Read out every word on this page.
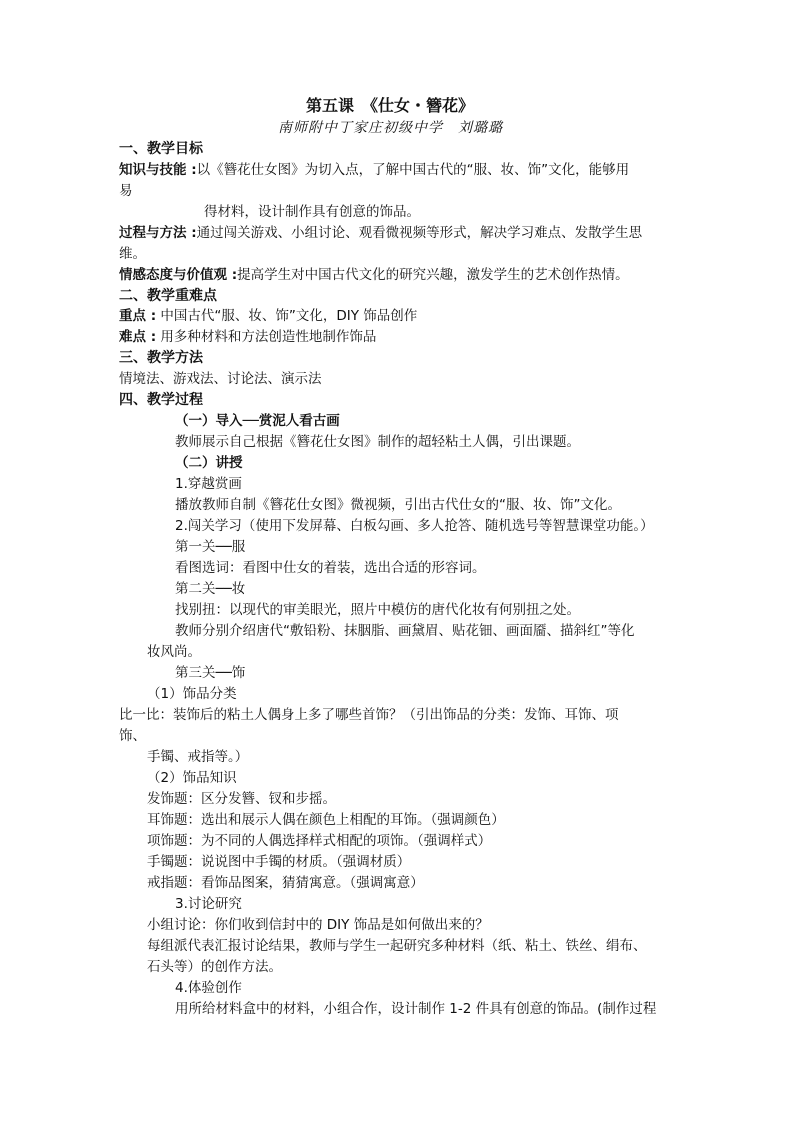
第五课　《仕女・簪花》
南师附中丁家庄初级中学　刘璐璐
一、教学目标
知识与技能 :以《簪花仕女图》为切入点，了解中国古代的“服、妆、饰”文化，能够用
易
得材料，设计制作具有创意的饰品。
过程与方法 :通过闯关游戏、小组讨论、观看微视频等形式，解决学习难点、发散学生思
维。
情感态度与价值观 :提高学生对中国古代文化的研究兴趣，激发学生的艺术创作热情。
二、教学重难点
重点 : 中国古代“服、妆、饰”文化，DIY 饰品创作
难点 : 用多种材料和方法创造性地制作饰品
三、教学方法
情境法、游戏法、讨论法、演示法
四、教学过程
（一）导入──赏泥人看古画
教师展示自己根据《簪花仕女图》制作的超轻粘土人偶，引出课题。
（二）讲授
1.穿越赏画
播放教师自制《簪花仕女图》微视频，引出古代仕女的“服、妆、饰”文化。
2.闯关学习（使用下发屏幕、白板勾画、多人抢答、随机选号等智慧课堂功能。）
第一关──服
看图选词：看图中仕女的着装，选出合适的形容词。
第二关──妆
找别扭：以现代的审美眼光，照片中模仿的唐代化妆有何别扭之处。
教师分别介绍唐代“敷铅粉、抹胭脂、画黛眉、贴花钿、画面靥、描斜红”等化
妆风尚。
第三关──饰
（1）饰品分类
比一比：装饰后的粘土人偶身上多了哪些首饰？（引出饰品的分类：发饰、耳饰、项
饰、
手镯、戒指等。）
（2）饰品知识
发饰题：区分发簪、钗和步摇。
耳饰题：选出和展示人偶在颜色上相配的耳饰。（强调颜色）
项饰题：为不同的人偶选择样式相配的项饰。（强调样式）
手镯题：说说图中手镯的材质。（强调材质）
戒指题：看饰品图案，猜猜寓意。（强调寓意）
3.讨论研究
小组讨论：你们收到信封中的 DIY 饰品是如何做出来的？
每组派代表汇报讨论结果，教师与学生一起研究多种材料（纸、粘土、铁丝、绢布、
石头等）的创作方法。
4.体验创作
用所给材料盒中的材料，小组合作，设计制作 1-2 件具有创意的饰品。(制作过程
